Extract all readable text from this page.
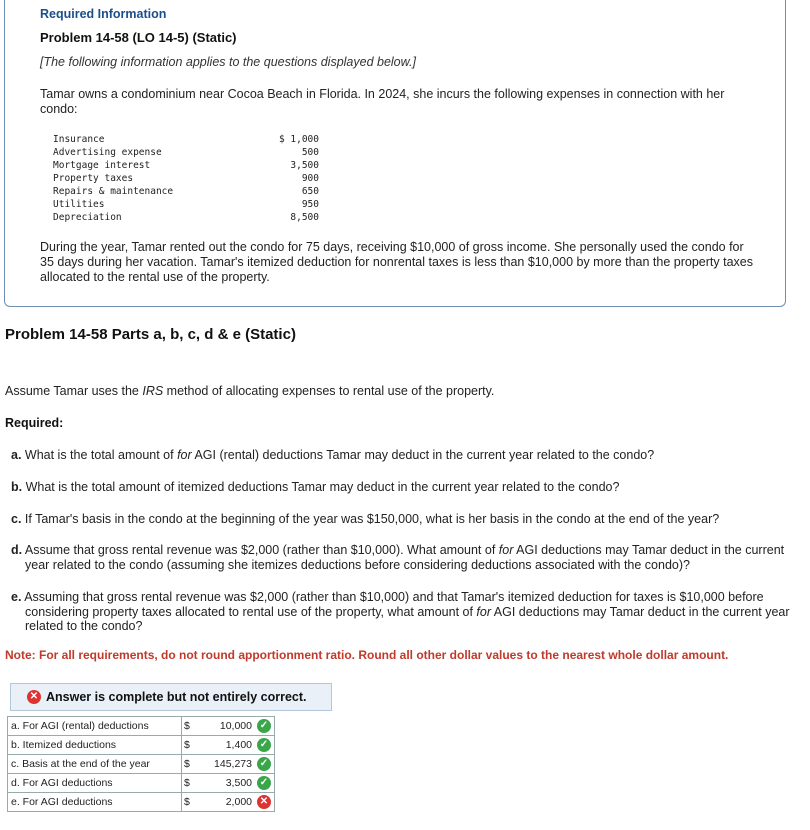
Required Information
Problem 14-58 (LO 14-5) (Static)
[The following information applies to the questions displayed below.]
Tamar owns a condominium near Cocoa Beach in Florida. In 2024, she incurs the following expenses in connection with her condo:
Insurance	$ 1,000
Advertising expense	500
Mortgage interest	3,500
Property taxes	900
Repairs & maintenance	650
Utilities	950
Depreciation	8,500
During the year, Tamar rented out the condo for 75 days, receiving $10,000 of gross income. She personally used the condo for 35 days during her vacation. Tamar's itemized deduction for nonrental taxes is less than $10,000 by more than the property taxes allocated to the rental use of the property.
Problem 14-58 Parts a, b, c, d & e (Static)
Assume Tamar uses the IRS method of allocating expenses to rental use of the property.
Required:
a. What is the total amount of for AGI (rental) deductions Tamar may deduct in the current year related to the condo?
b. What is the total amount of itemized deductions Tamar may deduct in the current year related to the condo?
c. If Tamar's basis in the condo at the beginning of the year was $150,000, what is her basis in the condo at the end of the year?
d. Assume that gross rental revenue was $2,000 (rather than $10,000). What amount of for AGI deductions may Tamar deduct in the current year related to the condo (assuming she itemizes deductions before considering deductions associated with the condo)?
e. Assuming that gross rental revenue was $2,000 (rather than $10,000) and that Tamar's itemized deduction for taxes is $10,000 before considering property taxes allocated to rental use of the property, what amount of for AGI deductions may Tamar deduct in the current year related to the condo?
Note: For all requirements, do not round apportionment ratio. Round all other dollar values to the nearest whole dollar amount.
✕ Answer is complete but not entirely correct.
a. For AGI (rental) deductions	$	10,000 ✓

b. Itemized deductions	$	1,400 ✓

c. Basis at the end of the year	$	145,273 ✓

d. For AGI deductions	$	3,500 ✓

e. For AGI deductions	$	2,000 ✕
